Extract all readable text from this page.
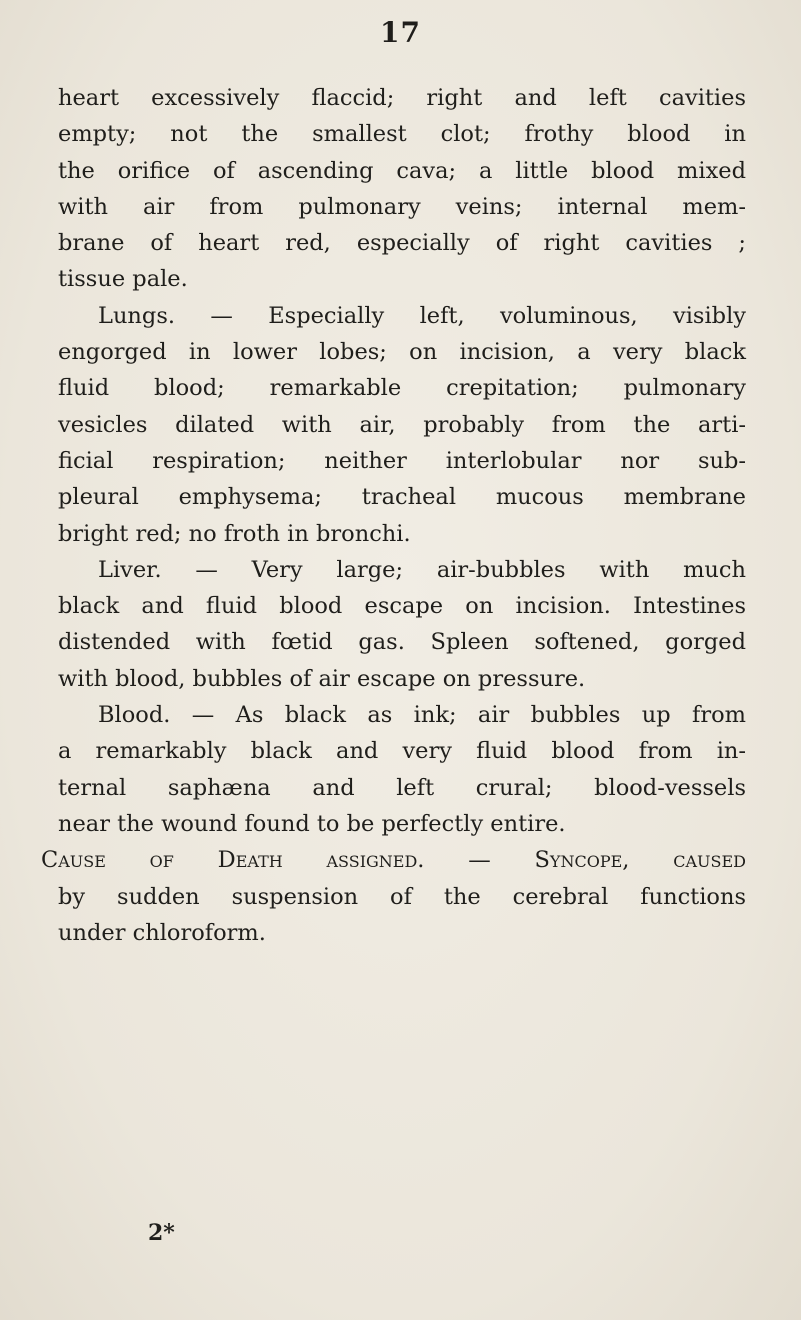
17
heart excessively flaccid; right and left cavities
empty; not the smallest clot; frothy blood in
the orifice of ascending cava; a little blood mixed
with air from pulmonary veins; internal mem-
brane of heart red, especially of right cavities ;
tissue pale.
Lungs. — Especially left, voluminous, visibly
engorged in lower lobes; on incision, a very black
fluid blood; remarkable crepitation; pulmonary
vesicles dilated with air, probably from the arti-
ficial respiration; neither interlobular nor sub-
pleural emphysema; tracheal mucous membrane
bright red; no froth in bronchi.
Liver. — Very large; air-bubbles with much
black and fluid blood escape on incision. Intestines
distended with fœtid gas. Spleen softened, gorged
with blood, bubbles of air escape on pressure.
Blood. — As black as ink; air bubbles up from
a remarkably black and very fluid blood from in-
ternal saphæna and left crural; blood-vessels
near the wound found to be perfectly entire.
Cause of Death assigned. — Syncope, caused
by sudden suspension of the cerebral functions
under chloroform.
2*
